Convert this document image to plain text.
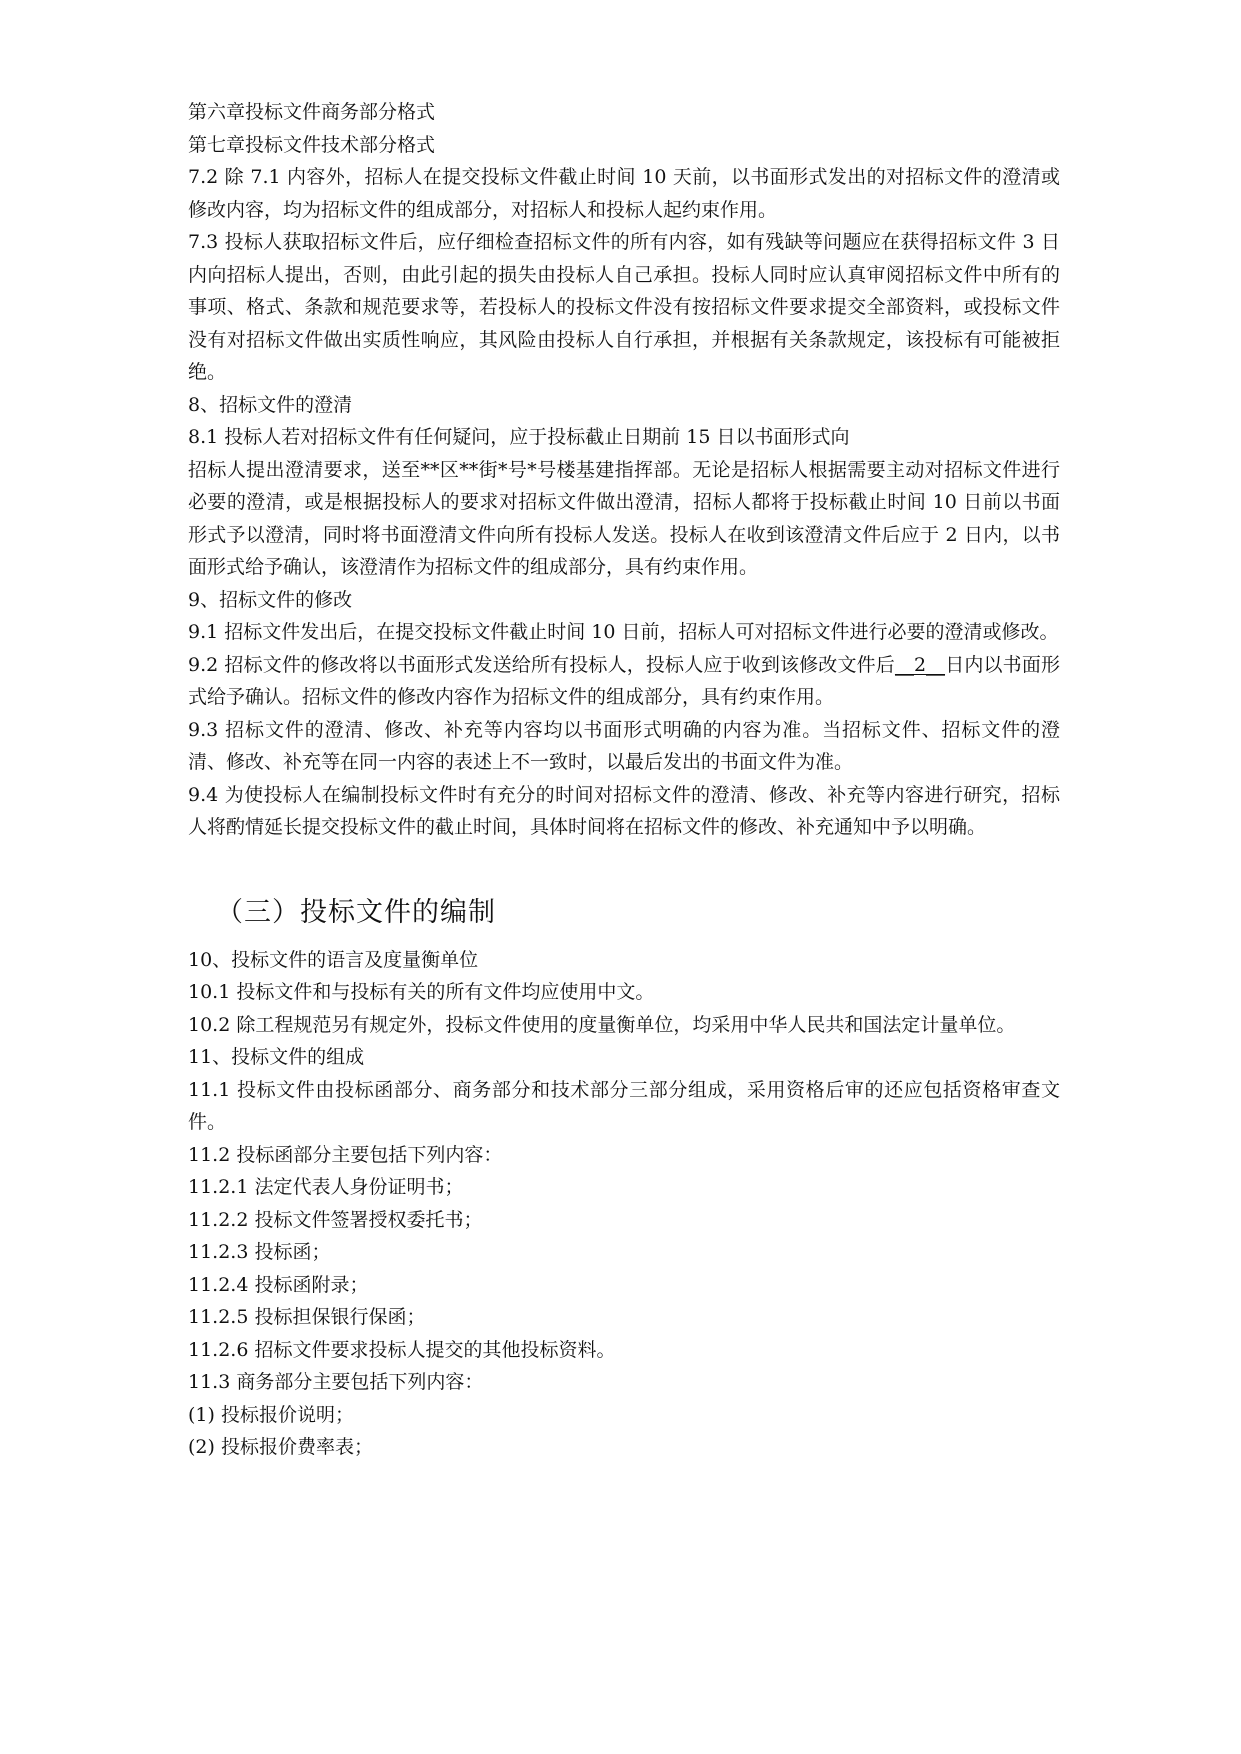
第六章投标文件商务部分格式

第七章投标文件技术部分格式

7.2 除 7.1 内容外，招标人在提交投标文件截止时间 10 天前，以书面形式发出的对招标文件的澄清或修改内容，均为招标文件的组成部分，对招标人和投标人起约束作用。

7.3 投标人获取招标文件后，应仔细检查招标文件的所有内容，如有残缺等问题应在获得招标文件 3 日内向招标人提出，否则，由此引起的损失由投标人自己承担。投标人同时应认真审阅招标文件中所有的事项、格式、条款和规范要求等，若投标人的投标文件没有按招标文件要求提交全部资料，或投标文件没有对招标文件做出实质性响应，其风险由投标人自行承担，并根据有关条款规定，该投标有可能被拒绝。

8、招标文件的澄清

8.1 投标人若对招标文件有任何疑问，应于投标截止日期前 15 日以书面形式向

招标人提出澄清要求，送至**区**街*号*号楼基建指挥部。无论是招标人根据需要主动对招标文件进行必要的澄清，或是根据投标人的要求对招标文件做出澄清，招标人都将于投标截止时间 10 日前以书面形式予以澄清，同时将书面澄清文件向所有投标人发送。投标人在收到该澄清文件后应于 2 日内，以书面形式给予确认，该澄清作为招标文件的组成部分，具有约束作用。

9、招标文件的修改

9.1 招标文件发出后，在提交投标文件截止时间 10 日前，招标人可对招标文件进行必要的澄清或修改。

9.2 招标文件的修改将以书面形式发送给所有投标人，投标人应于收到该修改文件后__2__日内以书面形式给予确认。招标文件的修改内容作为招标文件的组成部分，具有约束作用。

9.3 招标文件的澄清、修改、补充等内容均以书面形式明确的内容为准。当招标文件、招标文件的澄清、修改、补充等在同一内容的表述上不一致时，以最后发出的书面文件为准。

9.4 为使投标人在编制投标文件时有充分的时间对招标文件的澄清、修改、补充等内容进行研究，招标人将酌情延长提交投标文件的截止时间，具体时间将在招标文件的修改、补充通知中予以明确。

（三）投标文件的编制

10、投标文件的语言及度量衡单位

10.1 投标文件和与投标有关的所有文件均应使用中文。

10.2 除工程规范另有规定外，投标文件使用的度量衡单位，均采用中华人民共和国法定计量单位。

11、投标文件的组成

11.1 投标文件由投标函部分、商务部分和技术部分三部分组成，采用资格后审的还应包括资格审查文件。

11.2 投标函部分主要包括下列内容：

11.2.1 法定代表人身份证明书；

11.2.2 投标文件签署授权委托书；

11.2.3 投标函；

11.2.4 投标函附录；

11.2.5 投标担保银行保函；

11.2.6 招标文件要求投标人提交的其他投标资料。

11.3 商务部分主要包括下列内容：

(1) 投标报价说明；

(2) 投标报价费率表；
